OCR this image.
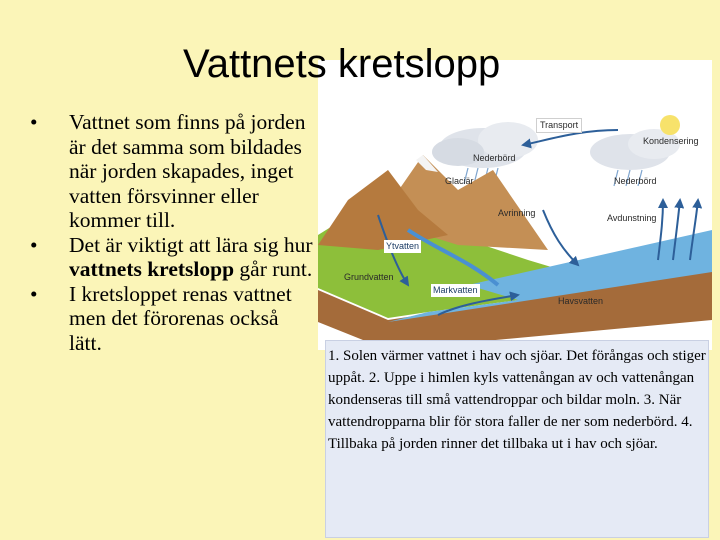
Vattnets kretslopp
• Vattnet som finns på jorden är det samma som bildades när jorden skapades, inget vatten försvinner eller kommer till.
• Det är viktigt att lära sig hur vattnets kretslopp går runt.
• I kretsloppet renas vattnet men det förorenas också lätt.
Transport
Nederbörd
Kondensering
Glaciär	Nederbörd
Avrinning	Avdunstning
Ytvatten
Grundvatten
Markvatten
Havsvatten
1. Solen värmer vattnet i hav och sjöar. Det förångas och stiger uppåt. 2. Uppe i himlen kyls vattenångan av och vattenångan kondenseras till små vattendroppar och bildar moln. 3. När vattendropparna blir för stora faller de ner som nederbörd. 4. Tillbaka på jorden rinner det tillbaka ut i hav och sjöar.
